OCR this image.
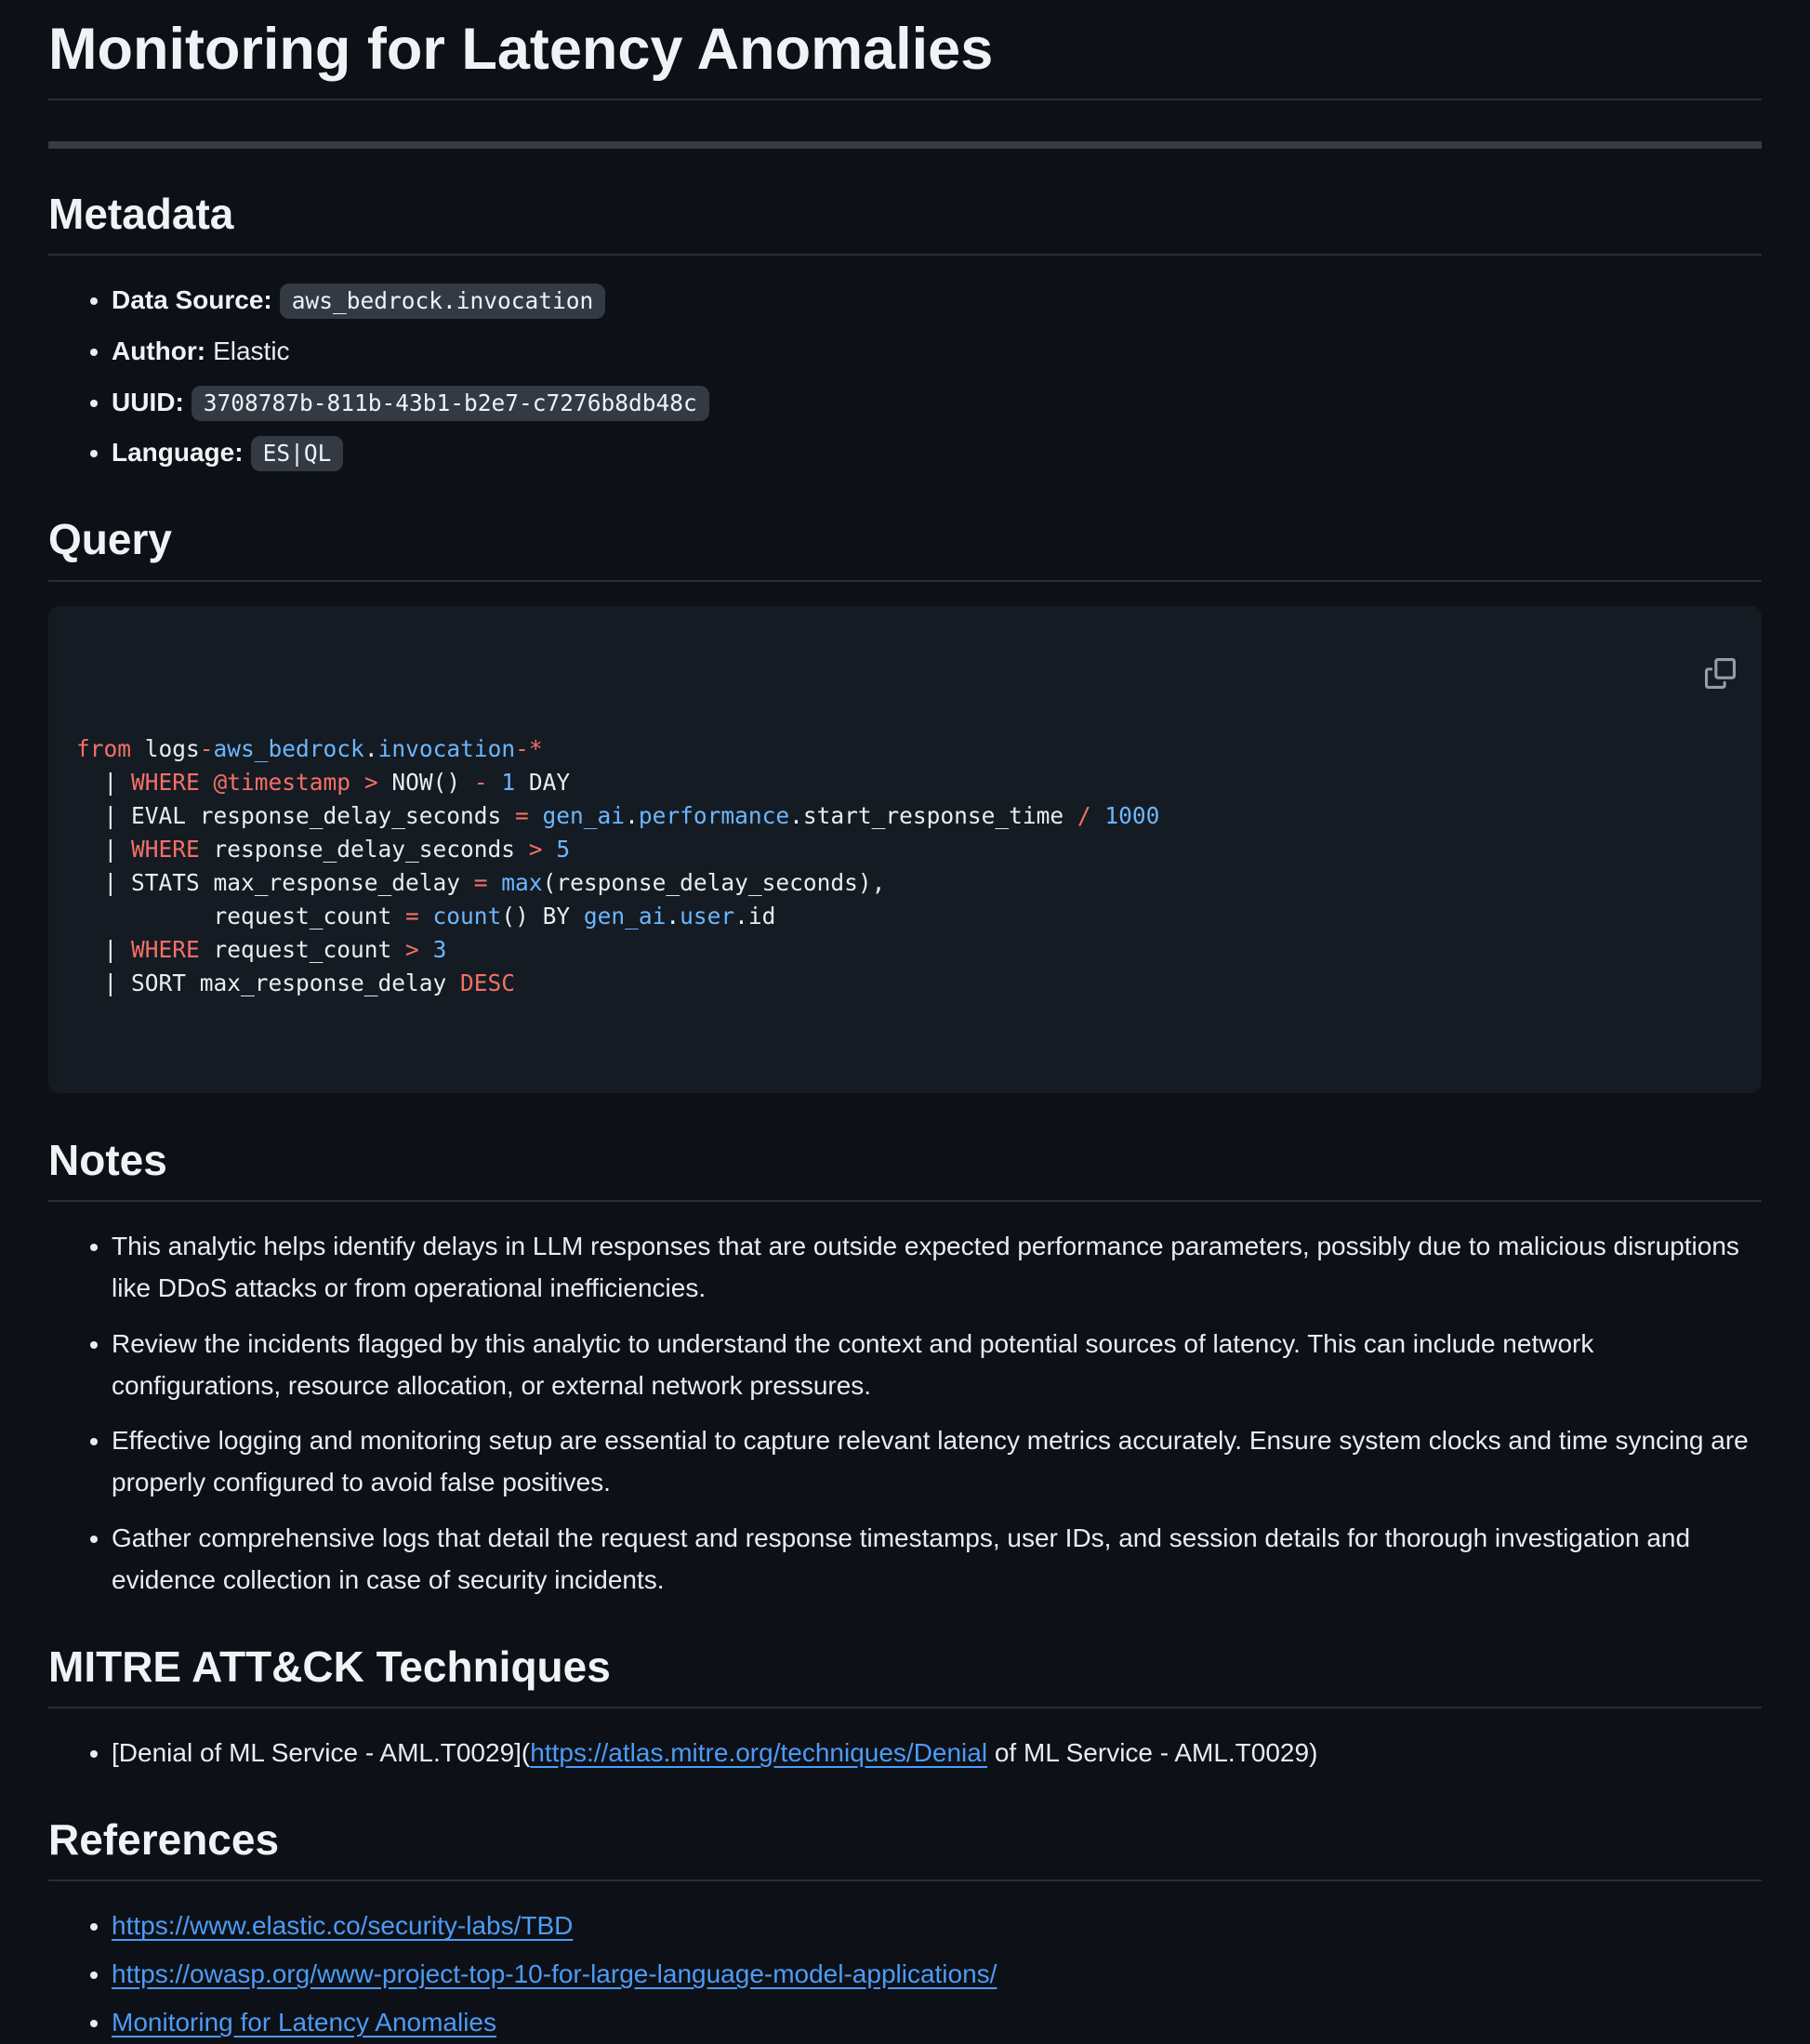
Monitoring for Latency Anomalies
Metadata
• Data Source: aws_bedrock.invocation
• Author: Elastic
• UUID: 3708787b-811b-43b1-b2e7-c7276b8db48c
• Language: ES|QL
Query

from logs-aws_bedrock.invocation-*
| WHERE @timestamp > NOW() - 1 DAY
| EVAL response_delay_seconds = gen_ai.performance.start_response_time / 1000
| WHERE response_delay_seconds > 5
| STATS max_response_delay = max(response_delay_seconds),
request_count = count() BY gen_ai.user.id
| WHERE request_count > 3
| SORT max_response_delay DESC

Notes
• This analytic helps identify delays in LLM responses that are outside expected performance parameters, possibly due to malicious disruptions like DDoS attacks or from operational inefficiencies.
• Review the incidents flagged by this analytic to understand the context and potential sources of latency. This can include network configurations, resource allocation, or external network pressures.
• Effective logging and monitoring setup are essential to capture relevant latency metrics accurately. Ensure system clocks and time syncing are properly configured to avoid false positives.
• Gather comprehensive logs that detail the request and response timestamps, user IDs, and session details for thorough investigation and evidence collection in case of security incidents.
MITRE ATT&CK Techniques
• [Denial of ML Service - AML.T0029](https://atlas.mitre.org/techniques/Denial of ML Service - AML.T0029)
References
• https://www.elastic.co/security-labs/TBD
• https://owasp.org/www-project-top-10-for-large-language-model-applications/
• Monitoring for Latency Anomalies
